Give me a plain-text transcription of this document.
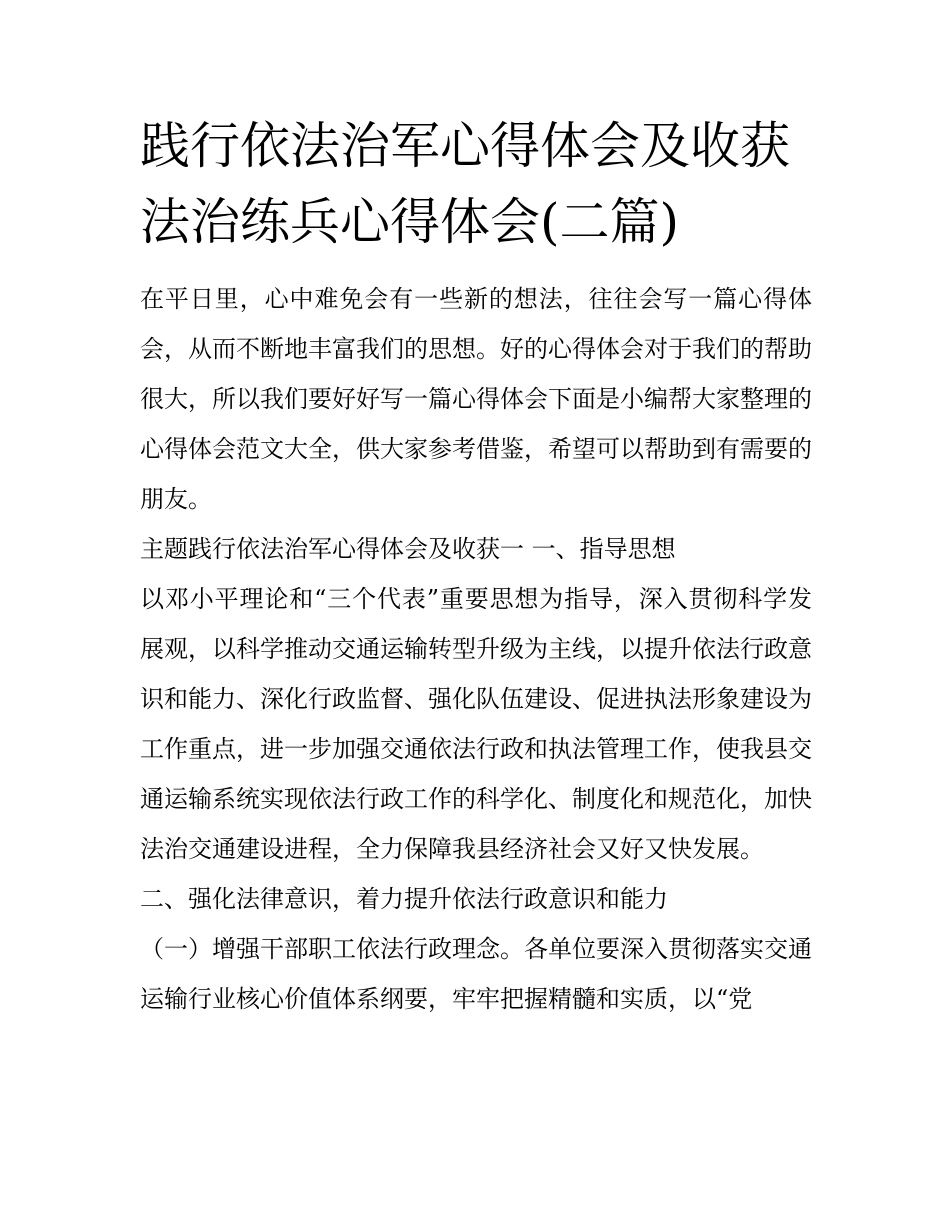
践行依法治军心得体会及收获
法治练兵心得体会(二篇)

在平日里，心中难免会有一些新的想法，往往会写一篇心得体会，从而不断地丰富我们的思想。好的心得体会对于我们的帮助很大，所以我们要好好写一篇心得体会下面是小编帮大家整理的心得体会范文大全，供大家参考借鉴，希望可以帮助到有需要的朋友。

主题践行依法治军心得体会及收获一 一、指导思想

以邓小平理论和“三个代表”重要思想为指导，深入贯彻科学发展观，以科学推动交通运输转型升级为主线，以提升依法行政意识和能力、深化行政监督、强化队伍建设、促进执法形象建设为工作重点，进一步加强交通依法行政和执法管理工作，使我县交通运输系统实现依法行政工作的科学化、制度化和规范化，加快法治交通建设进程，全力保障我县经济社会又好又快发展。

二、强化法律意识，着力提升依法行政意识和能力

（一）增强干部职工依法行政理念。各单位要深入贯彻落实交通运输行业核心价值体系纲要，牢牢把握精髓和实质，以“党
